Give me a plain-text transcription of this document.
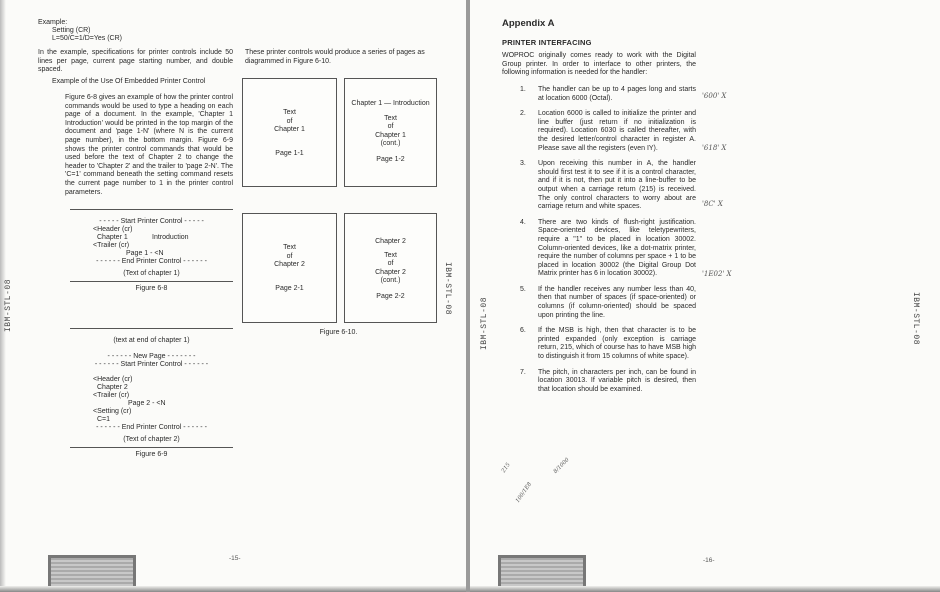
IBM-STL-08
Example:
Setting (CR)
L=50/C=1/D=Yes (CR)
In the example, specifications for printer controls include 50 lines per page, current page starting number, and double spaced.
Example of the Use Of Embedded Printer Control
Figure 6-8 gives an example of how the printer control commands would be used to type a heading on each page of a document. In the example, 'Chapter 1 Introduction' would be printed in the top margin of the document and 'page 1-N' (where N is the current page number), in the bottom margin. Figure 6-9 shows the printer control commands that would be used before the text of Chapter 2 to change the header to 'Chapter 2' and the trailer to 'page 2-N'. The 'C=1' command beneath the setting command resets the current page number to 1 in the printer control parameters.
- - - - - Start Printer Control - - - - -
<Header (cr)
Chapter 1	Introduction
<Trailer (cr)
Page 1 - <N
- - - - - - End Printer Control - - - - - -
(Text of chapter 1)
Figure 6-8
(text at end of chapter 1)
- - - - - - New Page - - - - - - -
- - - - - - Start Printer Control - - - - - -
<Header (cr)
Chapter 2
<Trailer (cr)
Page 2 - <N
<Setting (cr)
C=1
- - - - - - End Printer Control - - - - - -
(Text of chapter 2)
Figure 6-9
These printer controls would produce a series of pages as diagrammed in Figure 6-10.
Text
of
Chapter 1
Page 1-1
Chapter 1 — Introduction
Text
of
Chapter 1
(cont.)
Page 1-2
Text
of
Chapter 2
Page 2-1
Chapter 2
Text
of
Chapter 2
(cont.)
Page 2-2
Figure 6-10.
IBM-STL-08
-15-
IBM-STL-08
Appendix A
PRINTER INTERFACING
WOPROC originally comes ready to work with the Digital Group printer. In order to interface to other printers, the following information is needed for the handler:
1. The handler can be up to 4 pages long and starts at location 6000 (Octal).
2. Location 6000 is called to initialize the printer and line buffer (just return if no initialization is required). Location 6030 is called thereafter, with the desired letter/control character in register A. Please save all the registers (even IY).
3. Upon receiving this number in A, the handler should first test it to see if it is a control character, and if it is not, then put it into a line-buffer to be output when a carriage return (215) is received. The only control characters to worry about are carriage return and white spaces.
4. There are two kinds of flush-right justification. Space-oriented devices, like teletypewriters, require a "1" to be placed in location 30002. Column-oriented devices, like a dot-matrix printer, require the number of columns per space + 1 to be placed in location 30002 (the Digital Group Dot Matrix printer has 6 in location 30002).
5. If the handler receives any number less than 40, then that number of spaces (if space-oriented) or columns (if column-oriented) should be spaced upon printing the line.
6. If the MSB is high, then that character is to be printed expanded (only exception is carriage return, 215, which of course has to have MSB high to distinguish it from 15 columns of white space).
7. The pitch, in characters per inch, can be found in location 30013. If variable pitch is desired, then that location should be examined.
'600' X
'618' X
'8C' X
'1E02' X
215
100/1E8
8/1000
IBM-STL-08
-16-
